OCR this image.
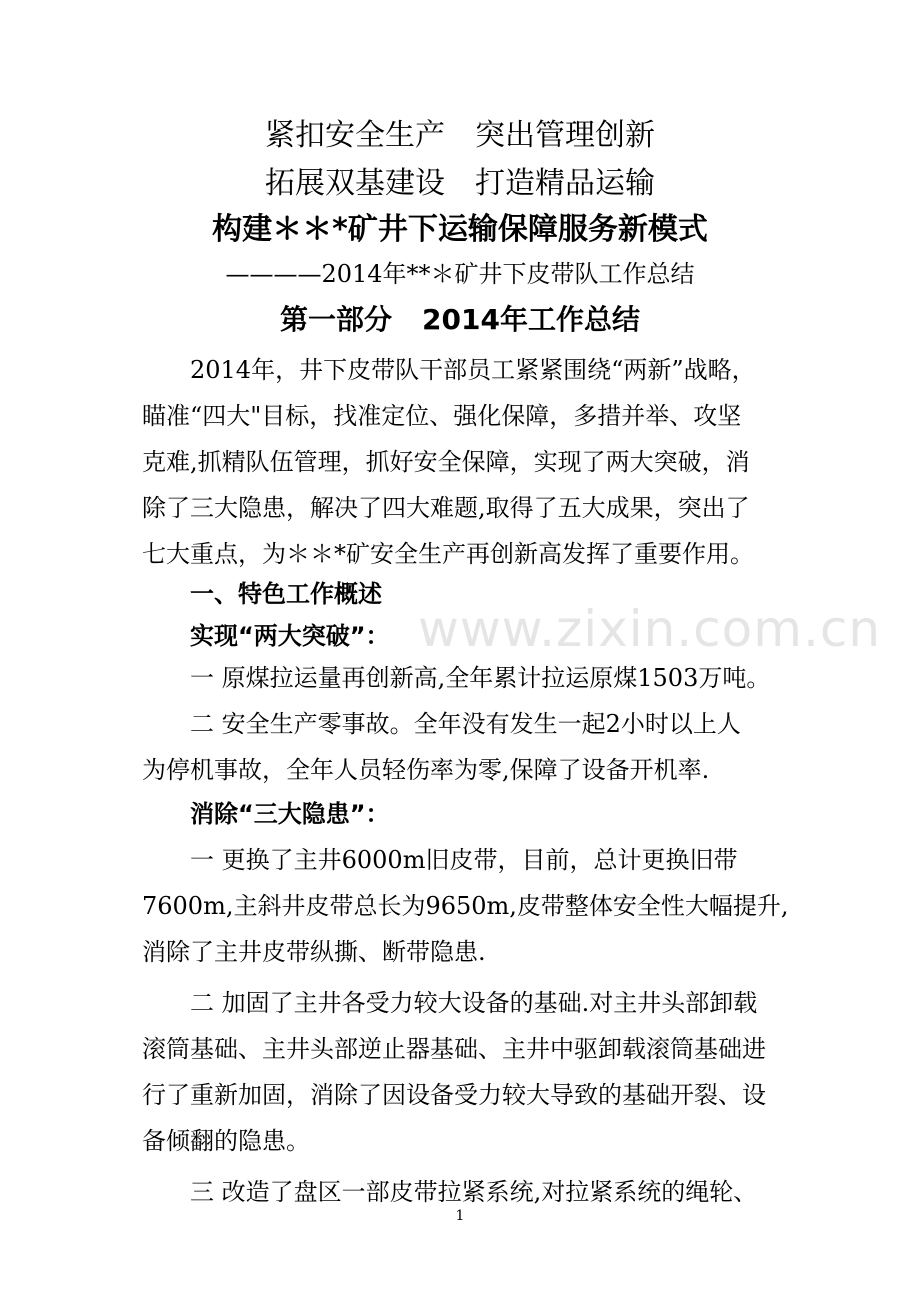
紧扣安全生产 突出管理创新
拓展双基建设 打造精品运输
构建＊＊*矿井下运输保障服务新模式
————2014年**＊矿井下皮带队工作总结
第一部分 2014年工作总结
2014年，井下皮带队干部员工紧紧围绕“两新”战略，
瞄准“四大"目标，找准定位、强化保障，多措并举、攻坚
克难,抓精队伍管理，抓好安全保障，实现了两大突破，消
除了三大隐患，解决了四大难题,取得了五大成果，突出了
七大重点，为＊＊*矿安全生产再创新高发挥了重要作用。
一、特色工作概述
实现“两大突破”：
一 原煤拉运量再创新高,全年累计拉运原煤1503万吨。
二 安全生产零事故。全年没有发生一起2小时以上人
为停机事故，全年人员轻伤率为零,保障了设备开机率.
消除“三大隐患”：
一 更换了主井6000m旧皮带，目前，总计更换旧带
7600m,主斜井皮带总长为9650m,皮带整体安全性大幅提升,
消除了主井皮带纵撕、断带隐患.
二 加固了主井各受力较大设备的基础.对主井头部卸载
滚筒基础、主井头部逆止器基础、主井中驱卸载滚筒基础进
行了重新加固，消除了因设备受力较大导致的基础开裂、设
备倾翻的隐患。
三 改造了盘区一部皮带拉紧系统,对拉紧系统的绳轮、
www.zixin.com.cn
1
